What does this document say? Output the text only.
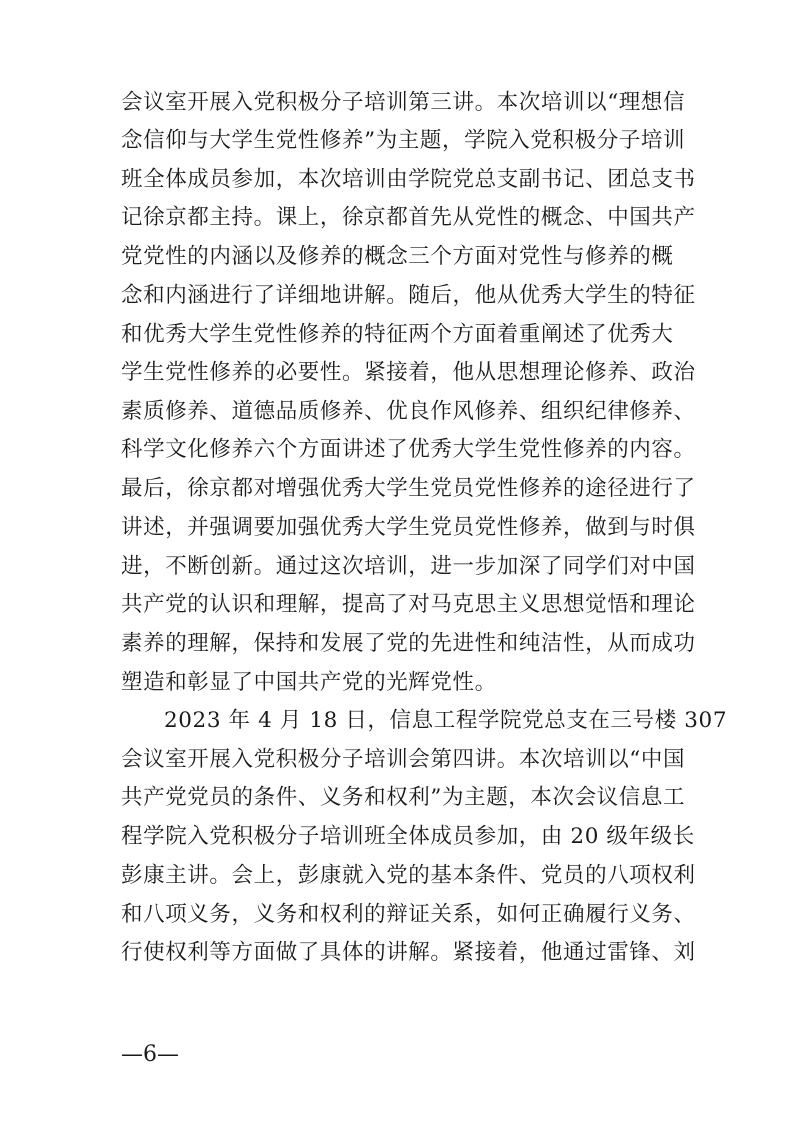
会议室开展入党积极分子培训第三讲。本次培训以“理想信
念信仰与大学生党性修养”为主题，学院入党积极分子培训
班全体成员参加，本次培训由学院党总支副书记、团总支书
记徐京都主持。课上，徐京都首先从党性的概念、中国共产
党党性的内涵以及修养的概念三个方面对党性与修养的概
念和内涵进行了详细地讲解。随后，他从优秀大学生的特征
和优秀大学生党性修养的特征两个方面着重阐述了优秀大
学生党性修养的必要性。紧接着，他从思想理论修养、政治
素质修养、道德品质修养、优良作风修养、组织纪律修养、
科学文化修养六个方面讲述了优秀大学生党性修养的内容。
最后，徐京都对增强优秀大学生党员党性修养的途径进行了
讲述，并强调要加强优秀大学生党员党性修养，做到与时俱
进，不断创新。通过这次培训，进一步加深了同学们对中国
共产党的认识和理解，提高了对马克思主义思想觉悟和理论
素养的理解，保持和发展了党的先进性和纯洁性，从而成功
塑造和彰显了中国共产党的光辉党性。
2023 年 4 月 18 日，信息工程学院党总支在三号楼 307
会议室开展入党积极分子培训会第四讲。本次培训以“中国
共产党党员的条件、义务和权利”为主题，本次会议信息工
程学院入党积极分子培训班全体成员参加，由 20 级年级长
彭康主讲。会上，彭康就入党的基本条件、党员的八项权利
和八项义务，义务和权利的辩证关系，如何正确履行义务、
行使权利等方面做了具体的讲解。紧接着，他通过雷锋、刘
—6—
